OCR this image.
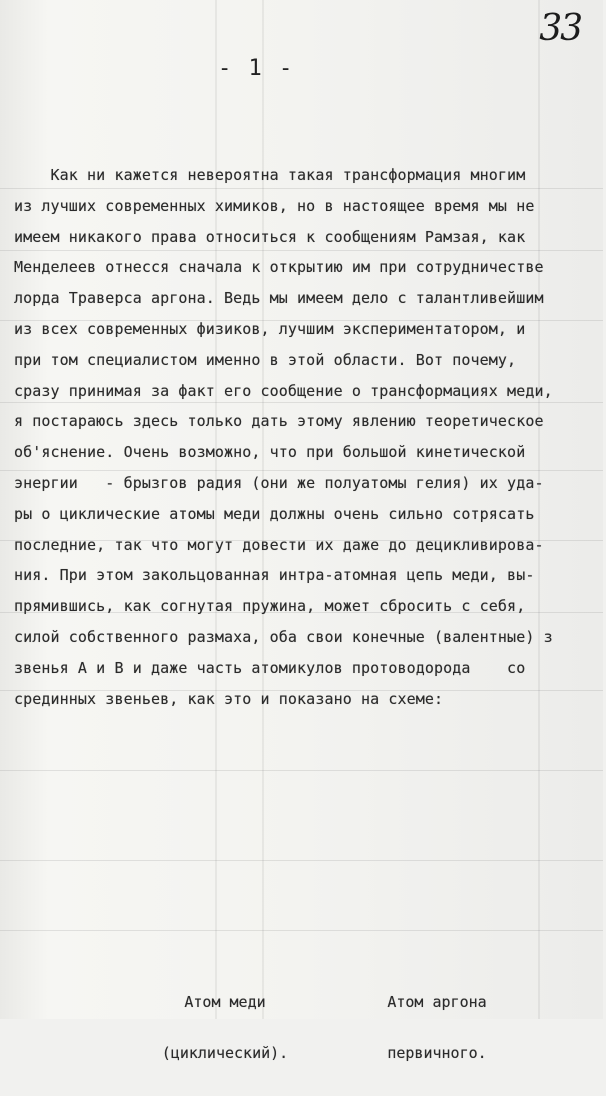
33
- 1 -
Как ни кажется невероятна такая трансформация многим
из лучших современных химиков, но в настоящее время мы не
имеем никакого права относиться к сообщениям Рамзая, как
Менделеев отнесся сначала к открытию им при сотрудничестве
лорда Траверса аргона. Ведь мы имеем дело с талантливейшим
из всех современных физиков, лучшим экспериментатором, и
при том специалистом именно в этой области. Вот почему,
сразу принимая за факт его сообщение о трансформациях меди,
я постараюсь здесь только дать этому явлению теоретическое
об'яснение. Очень возможно, что при большой кинетической
энергии   - брызгов радия (они же полуатомы гелия) их уда-
ры о циклические атомы меди должны очень сильно сотрясать
последние, так что могут довести их даже до децикливирова-
ния. При этом закольцованная интра-атомная цепь меди, вы-
прямившись, как согнутая пружина, может сбросить с себя,
силой собственного размаха, оба свои конечные (валентные) з
звенья А и В и даже часть атомикулов протоводорода    со
срединных звеньев, как это и показано на схеме:

Атом меди

(циклический).

Атом аргона

первичного.
